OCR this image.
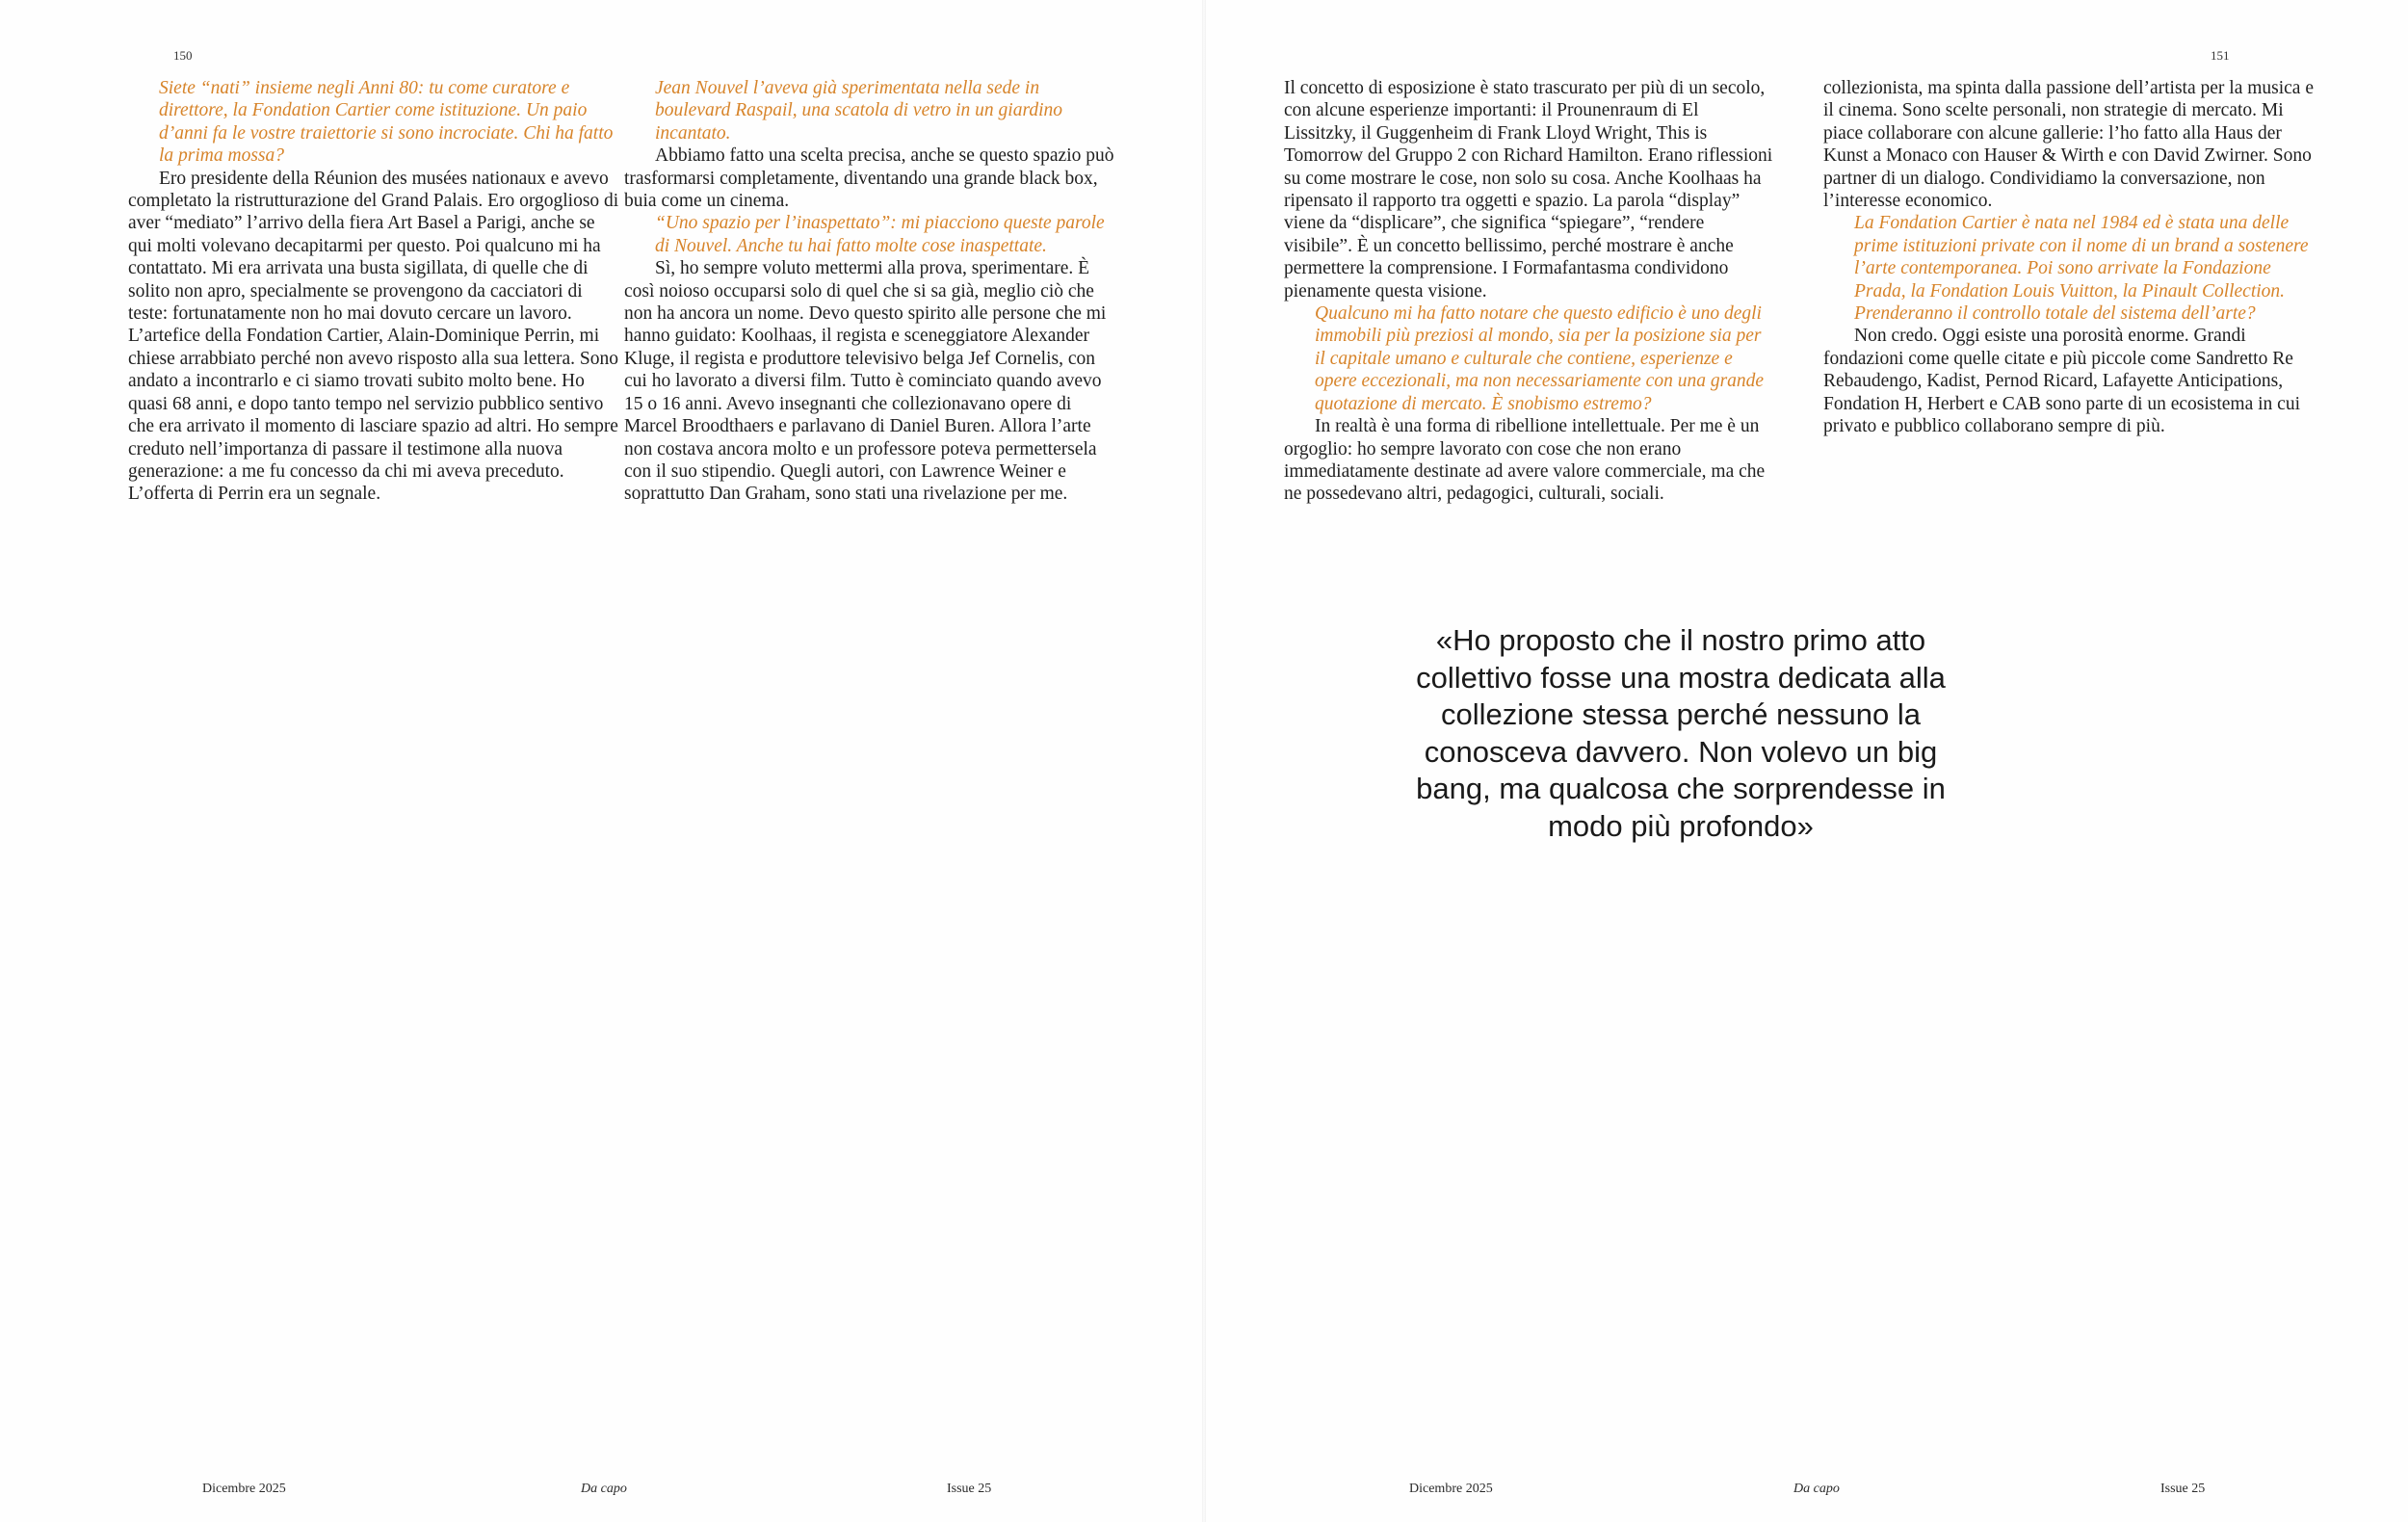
150

Siete “nati” insieme negli Anni 80: tu come curatore e direttore, la Fondation Cartier come istituzione. Un paio d’anni fa le vostre traiettorie si sono incrociate. Chi ha fatto la prima mossa?

Ero presidente della Réunion des musées nationaux e avevo completato la ristrutturazione del Grand Palais. Ero orgoglioso di aver “mediato” l’arrivo della fiera Art Basel a Parigi, anche se qui molti volevano decapitarmi per questo. Poi qualcuno mi ha contattato. Mi era arrivata una busta sigillata, di quelle che di solito non apro, specialmente se provengono da cacciatori di teste: fortunatamente non ho mai dovuto cercare un lavoro. L’artefice della Fondation Cartier, Alain-Dominique Perrin, mi chiese arrabbiato perché non avevo risposto alla sua lettera. Sono andato a incontrarlo e ci siamo trovati subito molto bene. Ho quasi 68 anni, e dopo tanto tempo nel servizio pubblico sentivo che era arrivato il momento di lasciare spazio ad altri. Ho sempre creduto nell’importanza di passare il testimone alla nuova generazione: a me fu concesso da chi mi aveva preceduto. L’offerta di Perrin era un segnale.

Jean Nouvel l’aveva già sperimentata nella sede in boulevard Raspail, una scatola di vetro in un giardino incantato.

Abbiamo fatto una scelta precisa, anche se questo spazio può trasformarsi completamente, diventando una grande black box, buia come un cinema.

“Uno spazio per l’inaspettato”: mi piacciono queste parole di Nouvel. Anche tu hai fatto molte cose inaspettate.

Sì, ho sempre voluto mettermi alla prova, sperimentare. È così noioso occuparsi solo di quel che si sa già, meglio ciò che non ha ancora un nome. Devo questo spirito alle persone che mi hanno guidato: Koolhaas, il regista e sceneggiatore Alexander Kluge, il regista e produttore televisivo belga Jef Cornelis, con cui ho lavorato a diversi film. Tutto è cominciato quando avevo 15 o 16 anni. Avevo insegnanti che collezionavano opere di Marcel Broodthaers e parlavano di Daniel Buren. Allora l’arte non costava ancora molto e un professore poteva permettersela con il suo stipendio. Quegli autori, con Lawrence Weiner e soprattutto Dan Graham, sono stati una rivelazione per me.

Dicembre 2025	Da capo	Issue 25
151

Il concetto di esposizione è stato trascurato per più di un secolo, con alcune esperienze importanti: il Prounenraum di El Lissitzky, il Guggenheim di Frank Lloyd Wright, This is Tomorrow del Gruppo 2 con Richard Hamilton. Erano riflessioni su come mostrare le cose, non solo su cosa. Anche Koolhaas ha ripensato il rapporto tra oggetti e spazio. La parola “display” viene da “displicare”, che significa “spiegare”, “rendere visibile”. È un concetto bellissimo, perché mostrare è anche permettere la comprensione. I Formafantasma condividono pienamente questa visione.

Qualcuno mi ha fatto notare che questo edificio è uno degli immobili più preziosi al mondo, sia per la posizione sia per il capitale umano e culturale che contiene, esperienze e opere eccezionali, ma non necessariamente con una grande quotazione di mercato. È snobismo estremo?

In realtà è una forma di ribellione intellettuale. Per me è un orgoglio: ho sempre lavorato con cose che non erano immediatamente destinate ad avere valore commerciale, ma che ne possedevano altri, pedagogici, culturali, sociali.

collezionista, ma spinta dalla passione dell’artista per la musica e il cinema. Sono scelte personali, non strategie di mercato. Mi piace collaborare con alcune gallerie: l’ho fatto alla Haus der Kunst a Monaco con Hauser & Wirth e con David Zwirner. Sono partner di un dialogo. Condividiamo la conversazione, non l’interesse economico.

La Fondation Cartier è nata nel 1984 ed è stata una delle prime istituzioni private con il nome di un brand a sostenere l’arte contemporanea. Poi sono arrivate la Fondazione Prada, la Fondation Louis Vuitton, la Pinault Collection. Prenderanno il controllo totale del sistema dell’arte?

Non credo. Oggi esiste una porosità enorme. Grandi fondazioni come quelle citate e più piccole come Sandretto Re Rebaudengo, Kadist, Pernod Ricard, Lafayette Anticipations, Fondation H, Herbert e CAB sono parte di un ecosistema in cui privato e pubblico collaborano sempre di più.

Dicembre 2025	Da capo	Issue 25
«Ho proposto che il nostro primo atto collettivo fosse una mostra dedicata alla collezione stessa perché nessuno la conosceva davvero. Non volevo un big bang, ma qualcosa che sorprendesse in modo più profondo»
